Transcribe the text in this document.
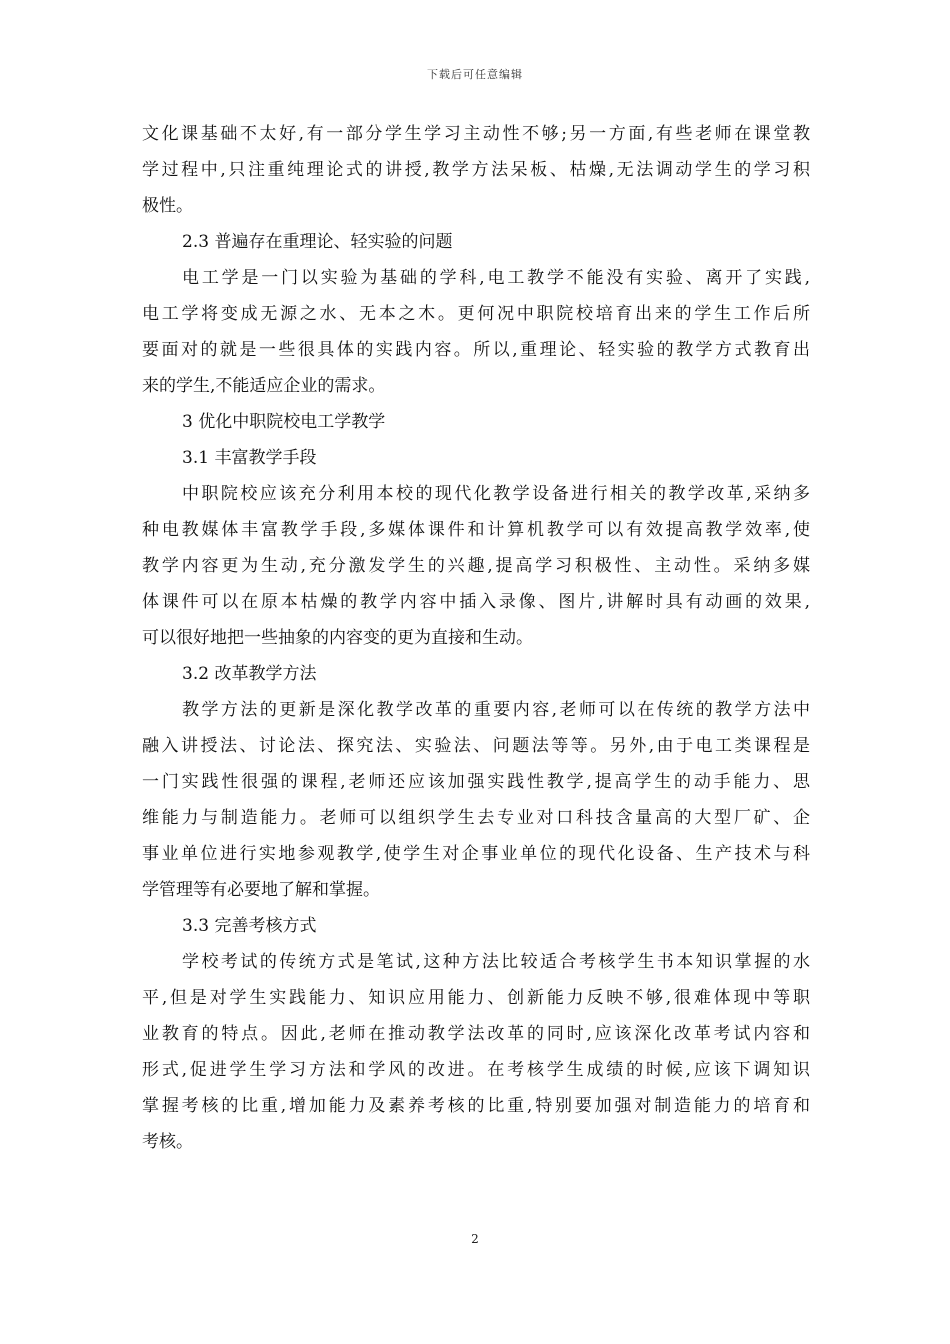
下载后可任意编辑
文化课基础不太好,有一部分学生学习主动性不够;另一方面,有些老师在课堂教
学过程中,只注重纯理论式的讲授,教学方法呆板、枯燥,无法调动学生的学习积
极性。
2.3 普遍存在重理论、轻实验的问题
电工学是一门以实验为基础的学科,电工教学不能没有实验、离开了实践,
电工学将变成无源之水、无本之木。更何况中职院校培育出来的学生工作后所
要面对的就是一些很具体的实践内容。所以,重理论、轻实验的教学方式教育出
来的学生,不能适应企业的需求。
3 优化中职院校电工学教学
3.1 丰富教学手段
中职院校应该充分利用本校的现代化教学设备进行相关的教学改革,采纳多
种电教媒体丰富教学手段,多媒体课件和计算机教学可以有效提高教学效率,使
教学内容更为生动,充分激发学生的兴趣,提高学习积极性、主动性。采纳多媒
体课件可以在原本枯燥的教学内容中插入录像、图片,讲解时具有动画的效果,
可以很好地把一些抽象的内容变的更为直接和生动。
3.2 改革教学方法
教学方法的更新是深化教学改革的重要内容,老师可以在传统的教学方法中
融入讲授法、讨论法、探究法、实验法、问题法等等。另外,由于电工类课程是
一门实践性很强的课程,老师还应该加强实践性教学,提高学生的动手能力、思
维能力与制造能力。老师可以组织学生去专业对口科技含量高的大型厂矿、企
事业单位进行实地参观教学,使学生对企事业单位的现代化设备、生产技术与科
学管理等有必要地了解和掌握。
3.3 完善考核方式
学校考试的传统方式是笔试,这种方法比较适合考核学生书本知识掌握的水
平,但是对学生实践能力、知识应用能力、创新能力反映不够,很难体现中等职
业教育的特点。因此,老师在推动教学法改革的同时,应该深化改革考试内容和
形式,促进学生学习方法和学风的改进。在考核学生成绩的时候,应该下调知识
掌握考核的比重,增加能力及素养考核的比重,特别要加强对制造能力的培育和
考核。
2
